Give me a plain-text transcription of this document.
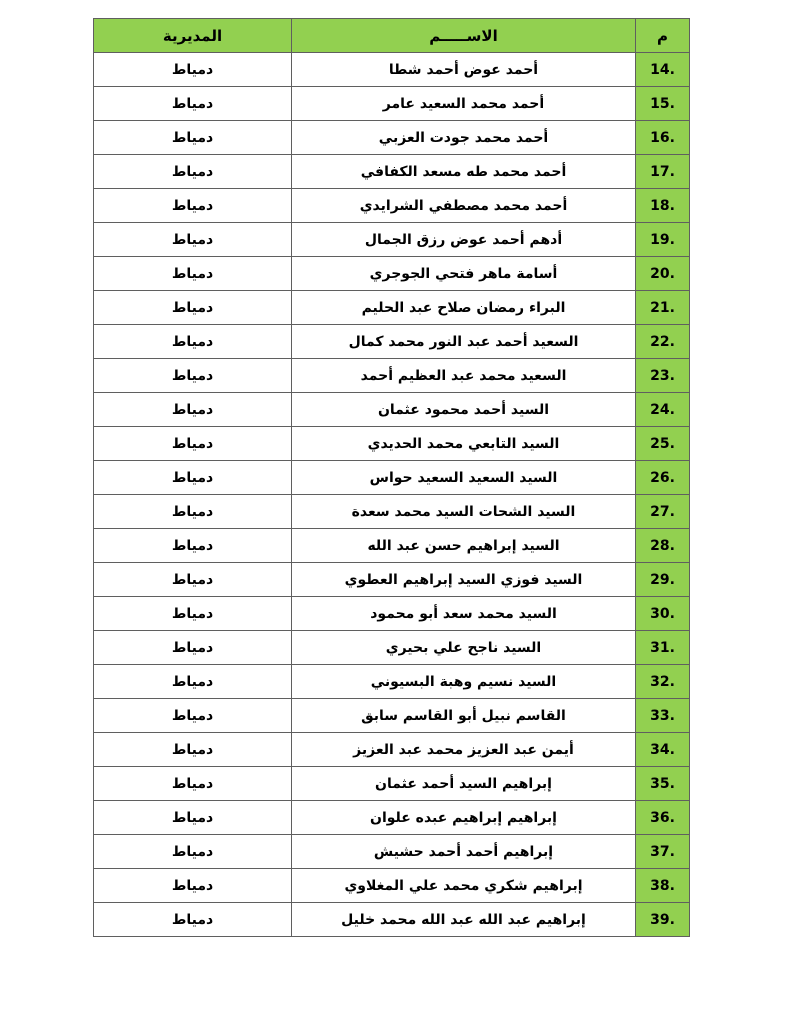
م	الاســـــم	المديرية
14.	أحمد عوض أحمد شطا	دمياط
15.	أحمد محمد السعيد عامر	دمياط
16.	أحمد محمد جودت العزبي	دمياط
17.	أحمد محمد طه مسعد الكفافي	دمياط
18.	أحمد محمد مصطفي الشرايدي	دمياط
19.	أدهم أحمد عوض رزق الجمال	دمياط
20.	أسامة ماهر فتحي الجوجري	دمياط
21.	البراء رمضان صلاح عبد الحليم	دمياط
22.	السعيد أحمد عبد النور محمد كمال	دمياط
23.	السعيد محمد عبد العظيم أحمد	دمياط
24.	السيد أحمد محمود عثمان	دمياط
25.	السيد التابعي محمد الحديدي	دمياط
26.	السيد السعيد السعيد حواس	دمياط
27.	السيد الشحات السيد محمد سعدة	دمياط
28.	السيد إبراهيم حسن عبد الله	دمياط
29.	السيد فوزي السيد إبراهيم العطوي	دمياط
30.	السيد محمد سعد أبو محمود	دمياط
31.	السيد ناجح علي بحيري	دمياط
32.	السيد نسيم وهبة البسيوني	دمياط
33.	القاسم نبيل أبو القاسم سابق	دمياط
34.	أيمن عبد العزيز محمد عبد العزيز	دمياط
35.	إبراهيم السيد أحمد عثمان	دمياط
36.	إبراهيم إبراهيم عبده علوان	دمياط
37.	إبراهيم أحمد أحمد حشيش	دمياط
38.	إبراهيم شكري محمد علي المغلاوي	دمياط
39.	إبراهيم عبد الله عبد الله محمد خليل	دمياط
